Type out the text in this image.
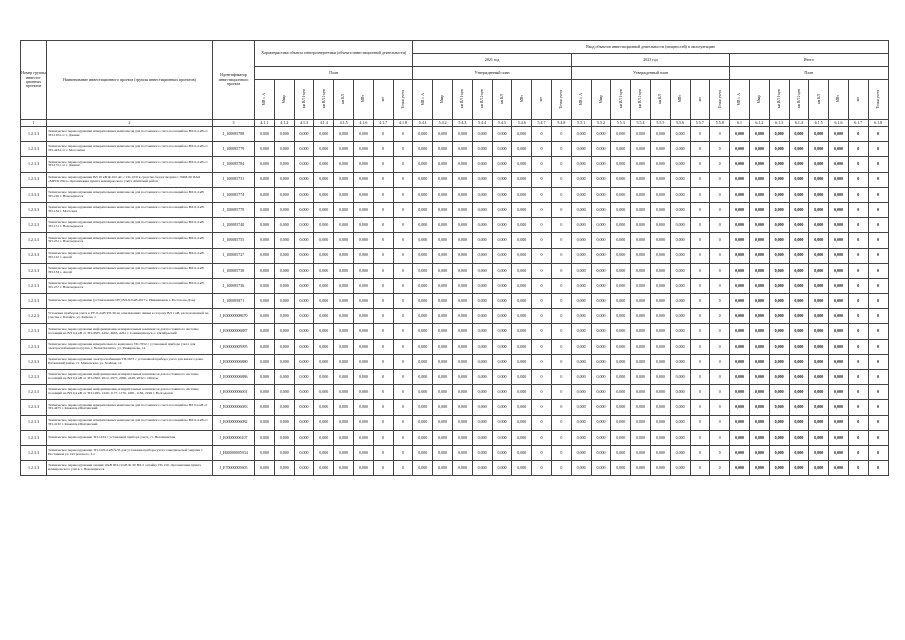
Номер группы инвести-ционных проектов	Наименование инвестиционного проекта (группы инвестиционных проектов)	Идентификатор инвестиционного проекта	Характеристика объекта электроэнергетики (объекта инвестиционной деятельности)								Ввод объектов инвестиционной деятельности (мощностей) в эксплуатацию																							
											2021 год								2023 год								Итого							
			План								Утвержденный план								Утвержденный план								План							
			МВ×А	Мвар	км ВЛ 1-цеп	км ВЛ 2-цеп	км КЛ	МВт	шт	Точки учета	МВ×А	Мвар	км ВЛ 1-цеп	км ВЛ 2-цеп	км КЛ	МВт	шт	Точки учета	МВ×А	Мвар	км ВЛ 1-цеп	км ВЛ 2-цеп	км КЛ	МВт	шт	Точки учета	МВ×А	Мвар	км ВЛ 1-цеп	км ВЛ 2-цеп	км КЛ	МВт	шт	Точки учета
1	2	3	4.1.1	4.1.2	4.1.3	4.1.4	4.1.5	4.1.6	4.1.7	4.1.8	5.4.1	5.4.2	5.4.3	5.4.4	5.4.5	5.4.6	5.4.7	5.4.8	5.5.1	5.5.2	5.5.3	5.5.4	5.5.5	5.5.6	5.5.7	5.5.8	6.1	6.1.2	6.1.3	6.1.4	6.1.5	6.1.6	6.1.7	6.1.8
1.2.3.3	Техническое перевооружение измерительных комплексов для постоянного счета посекций на ВЛ-0,4 кВ от ТП-1104 от т. Джанкс	J_100085788	0,000	0,000	0,000	0,000	0,000	0,000	0	0	0,000	0,000	0,000	0,000	0,000	0,000	0	0	0,000	0,000	0,000	0,000	0,000	0,000	0	0	0,000	0,000	0,000	0,000	0,000	0,000	0	0
1.2.3.3	Техническое перевооружение измерительных комплексов для постоянного счета посекций на ВЛ-0,4 кВ от ТП-4434 от т. Моссошки	J_100085779	0,000	0,000	0,000	0,000	0,000	0,000	0	0	0,000	0,000	0,000	0,000	0,000	0,000	0	0	0,000	0,000	0,000	0,000	0,000	0,000	0	0	0,000	0,000	0,000	0,000	0,000	0,000	0	0
1.2.3.3	Техническое перевооружение измерительных комплексов для постоянного счета посекций на ВЛ-0,4 кВ от ТП-1721 от т. Джанкс	J_100085784	0,000	0,000	0,000	0,000	0,000	0,000	0	0	0,000	0,000	0,000	0,000	0,000	0,000	0	0	0,000	0,000	0,000	0,000	0,000	0,000	0	0	0,000	0,000	0,000	0,000	0,000	0,000	0	0
1.2.3.3	Техническое перевооружение ВЛ 10 кВ Ф-102 АС с СК-10/0 в средство бездоговорного ЭОМ-20 ПАО «МРСК Юга» Организация пункта коммерческого учёта Абинский район	J_100085731	0,000	0,000	0,000	0,000	0,000	0,000	0	0	0,000	0,000	0,000	0,000	0,000	0,000	0	0	0,000	0,000	0,000	0,000	0,000	0,000	0	0	0,000	0,000	0,000	0,000	0,000	0,000	0	0
1.3.3.3	Техническое перевооружение измерительных комплексов для постоянного счета посекций на ВЛ-0,4 кВ ТП-210 г. Новочеркасск	J_100085774	0,000	0,000	0,000	0,000	0,000	0,000	0	0	0,000	0,000	0,000	0,000	0,000	0,000	0	0	0,000	0,000	0,000	0,000	0,000	0,000	0	0	0,000	0,000	0,000	0,000	0,000	0,000	0	0
1.2.3.3	Техническое перевооружение измерительных комплексов для постоянного счета посекций на ВЛ-0,4 кВ ТП-132 г. Мостовка	J_100085779	0,000	0,000	0,000	0,000	0,000	0,000	0	0	0,000	0,000	0,000	0,000	0,000	0,000	0	0	0,000	0,000	0,000	0,000	0,000	0,000	0	0	0,000	0,000	0,000	0,000	0,000	0,000	0	0
1.2.3.3	Техническое перевооружение измерительных комплексов для постоянного счета посекций на ВЛ-0,4 кВ ТП-151 г. Новочеркасск	J_100085740	0,000	0,000	0,000	0,000	0,000	0,000	0	0	0,000	0,000	0,000	0,000	0,000	0,000	0	0	0,000	0,000	0,000	0,000	0,000	0,000	0	0	0,000	0,000	0,000	0,000	0,000	0,000	0	0
1.2.3.3	Техническое перевооружение измерительных комплексов для постоянного счета посекций на ВЛ-0,4 кВ ТП-251 г. Новочеркасск	J_100085755	0,000	0,000	0,000	0,000	0,000	0,000	0	0	0,000	0,000	0,000	0,000	0,000	0,000	0	0	0,000	0,000	0,000	0,000	0,000	0,000	0	0	0,000	0,000	0,000	0,000	0,000	0,000	0	0
1.2.3.3	Техническое перевооружение измерительных комплексов для постоянного счета посекций на ВЛ-0,4 кВ ТП-122 г. Аксай	J_100085727	0,000	0,000	0,000	0,000	0,000	0,000	0	0	0,000	0,000	0,000	0,000	0,000	0,000	0	0	0,000	0,000	0,000	0,000	0,000	0,000	0	0	0,000	0,000	0,000	0,000	0,000	0,000	0	0
1.2.3.3	Техническое перевооружение измерительных комплексов для постоянного счета посекций на ВЛ-0,4 кВ ТП-133 г. Аксай	J_100085738	0,000	0,000	0,000	0,000	0,000	0,000	0	0	0,000	0,000	0,000	0,000	0,000	0,000	0	0	0,000	0,000	0,000	0,000	0,000	0,000	0	0	0,000	0,000	0,000	0,000	0,000	0,000	0	0
1.2.3.3	Техническое перевооружение измерительных комплексов для постоянного счета посекций на ВЛ-0,4 кВ ТП-257 г. Новочеркасск	J_100085736	0,000	0,000	0,000	0,000	0,000	0,000	0	0	0,000	0,000	0,000	0,000	0,000	0,000	0	0	0,000	0,000	0,000	0,000	0,000	0,000	0	0	0,000	0,000	0,000	0,000	0,000	0,000	0	0
1.2.3.3	Техническое перевооружение (установление ПУ) ВЛ-6/0 кВ 2017 г. Нижнекамск г. Ростов-на-Дону	J_100085871	0,000	0,000	0,000	0,000	0,000	0,000	0	0	0,000	0,000	0,000	0,000	0,000	0,000	0	0	0,000	0,000	0,000	0,000	0,000	0,000	0	0	0,000	0,000	0,000	0,000	0,000	0,000	0	0
1.2.2.3	Установка приборов учета в РУ-0,4 кВ ТП-30 на ответвлениях линии в сторону ВЛ 1 кВ, расположенной на участке г. Батайск, ул. Кирова, 1	J_Е00000008670	0,000	0,000	0,000	0,000	0,000	0,000	0	0	0,000	0,000	0,000	0,000	0,000	0,000	0	0	0,000	0,000	0,000	0,000	0,000	0,000	0	0	0,000	0,000	0,000	0,000	0,000	0,000	0	0
1.2.3.3	Техническое перевооружение информационно-измерительных комплексов для постоянного системы посекций на ВЛ 0,4 кВ от ТП-4565, 4292, 4663, 4261 г. Семикаракорск, г. Октябрьский	J_Е00000006887	0,000	0,000	0,000	0,000	0,000	0,000	0	0	0,000	0,000	0,000	0,000	0,000	0,000	0	0	0,000	0,000	0,000	0,000	0,000	0,000	0	0	0,000	0,000	0,000	0,000	0,000	0,000	0	0
1.2.3.3	Техническое перевооружение измерительного комплекса ТП-7052 с установкой прибора учета для электроснабжения погрузка, г. Белая Калитва, ул. Тимирязева, 14	J_Е00000005995	0,000	0,000	0,000	0,000	0,000	0,000	0	0	0,000	0,000	0,000	0,000	0,000	0,000	0	0	0,000	0,000	0,000	0,000	0,000	0,000	0	0	0,000	0,000	0,000	0,000	0,000	0,000	0	0
1.2.3.3	Техническое перевооружение электроснабжения ТП-5873 с установкой прибора учета для жилого дома, Багаевский район, ст. Манычская, ул. Зелёная, 14	J_Е00000006880	0,000	0,000	0,000	0,000	0,000	0,000	0	0	0,000	0,000	0,000	0,000	0,000	0,000	0	0	0,000	0,000	0,000	0,000	0,000	0,000	0	0	0,000	0,000	0,000	0,000	0,000	0,000	0	0
1.2.3.3	Техническое перевооружение информационно-измерительных комплексов для постоянного системы посекций на ВЛ 0,4 кВ от ТП-2362, 2012, 2977, 2096, 2428, 2032 г. Шахты	J_Е00000006886	0,000	0,000	0,000	0,000	0,000	0,000	0	0	0,000	0,000	0,000	0,000	0,000	0,000	0	0	0,000	0,000	0,000	0,000	0,000	0,000	0	0	0,000	0,000	0,000	0,000	0,000	0,000	0	0
1.2.3.3	Техническое перевооружение информационно-измерительных комплексов для постоянного системы посекций на ВЛ 0,4 кВ от ТП-1285, 1220, 1177, 1176, 1081, 1182, 2199 г. Волгодонск	J_Е00000006001	0,000	0,000	0,000	0,000	0,000	0,000	0	0	0,000	0,000	0,000	0,000	0,000	0,000	0	0	0,000	0,000	0,000	0,000	0,000	0,000	0	0	0,000	0,000	0,000	0,000	0,000	0,000	0	0
1.2.3.3	Техническое перевооружение измерительных комплексов для постоянного счета посекций на ВЛ 0,4 кВ от ТП-4475 г. Каменск-Шахтинский	J_Е00000006083	0,000	0,000	0,000	0,000	0,000	0,000	0	0	0,000	0,000	0,000	0,000	0,000	0,000	0	0	0,000	0,000	0,000	0,000	0,000	0,000	0	0	0,000	0,000	0,000	0,000	0,000	0,000	0	0
1.2.3.3	Техническое перевооружение измерительных комплексов для постоянного счета посекций на ВЛ-0,4 кВ от ТП-4132 г. Каменск-Шахтинский	J_Е00000006082	0,000	0,000	0,000	0,000	0,000	0,000	0	0	0,000	0,000	0,000	0,000	0,000	0,000	0	0	0,000	0,000	0,000	0,000	0,000	0,000	0	0	0,000	0,000	0,000	0,000	0,000	0,000	0	0
1.2.3.3	Техническое перевооружение ТП-1434 с установкой прибора учета, ст. Незамаевская	J_Е00000006107	0,000	0,000	0,000	0,000	0,000	0,000	0	0	0,000	0,000	0,000	0,000	0,000	0,000	0	0	0,000	0,000	0,000	0,000	0,000	0,000	0	0	0,000	0,000	0,000	0,000	0,000	0,000	0	0
1.2.3.3	Техническое перевооружение ТП-10/0,4 кВ №35 для установки прибора учета электрической энергии г. Постников ул. Островского, 3-е	J_Н00000005934	0,000	0,000	0,000	0,000	0,000	0,000	0	0	0,000	0,000	0,000	0,000	0,000	0,000	0	0	0,000	0,000	0,000	0,000	0,000	0,000	0	0	0,000	0,000	0,000	0,000	0,000	0,000	0	0
1.2.3.3	Техническое перевооружение секции 10кВ ПП-10 кВ Ф-30 ВЛ-5 отпайку ТП-150. Организация пункта коммерческого учета, г. Новочеркасск	J_Е70000005605	0,000	0,000	0,000	0,000	0,000	0,000	0	0	0,000	0,000	0,000	0,000	0,000	0,000	0	0	0,000	0,000	0,000	0,000	0,000	0,000	0	0	0,000	0,000	0,000	0,000	0,000	0,000	0	0
